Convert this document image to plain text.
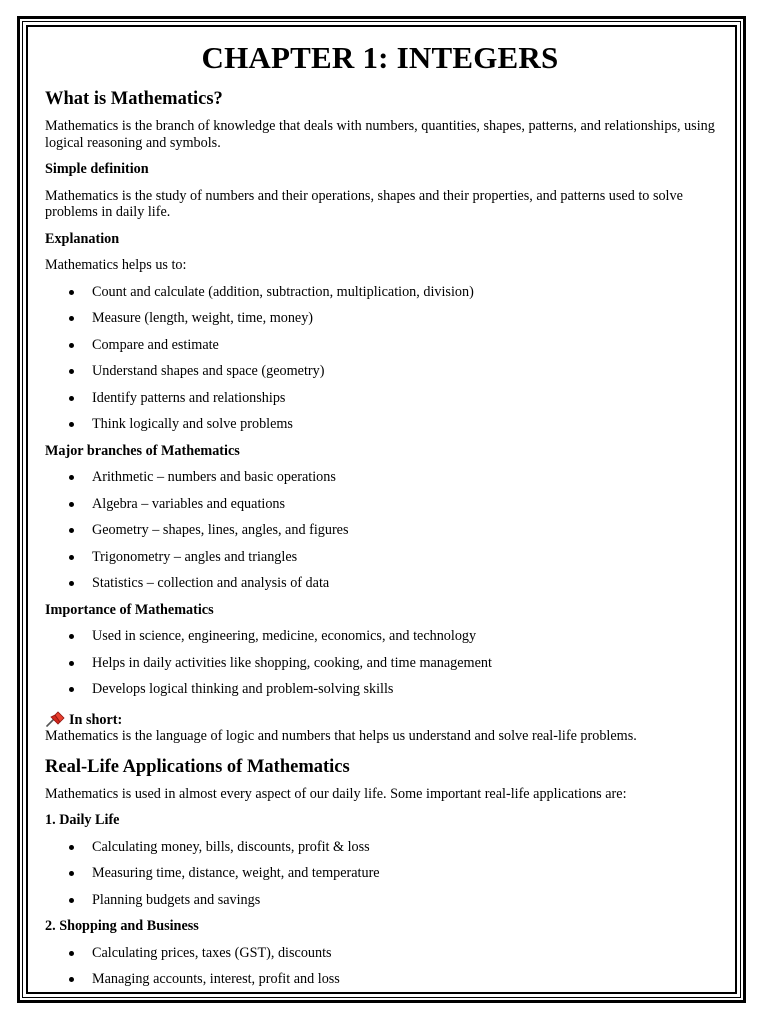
CHAPTER 1: INTEGERS
What is Mathematics?

Mathematics is the branch of knowledge that deals with numbers, quantities, shapes, patterns, and relationships, using logical reasoning and symbols.

Simple definition

Mathematics is the study of numbers and their operations, shapes and their properties, and patterns used to solve problems in daily life.

Explanation

Mathematics helps us to:

Count and calculate (addition, subtraction, multiplication, division)
Measure (length, weight, time, money)
Compare and estimate
Understand shapes and space (geometry)
Identify patterns and relationships
Think logically and solve problems

Major branches of Mathematics

Arithmetic – numbers and basic operations
Algebra – variables and equations
Geometry – shapes, lines, angles, and figures
Trigonometry – angles and triangles
Statistics – collection and analysis of data

Importance of Mathematics

Used in science, engineering, medicine, economics, and technology
Helps in daily activities like shopping, cooking, and time management
Develops logical thinking and problem-solving skills

In short:

Mathematics is the language of logic and numbers that helps us understand and solve real-life problems.

Real-Life Applications of Mathematics

Mathematics is used in almost every aspect of our daily life. Some important real-life applications are:

1. Daily Life

Calculating money, bills, discounts, profit & loss
Measuring time, distance, weight, and temperature
Planning budgets and savings

2. Shopping and Business

Calculating prices, taxes (GST), discounts
Managing accounts, interest, profit and loss
